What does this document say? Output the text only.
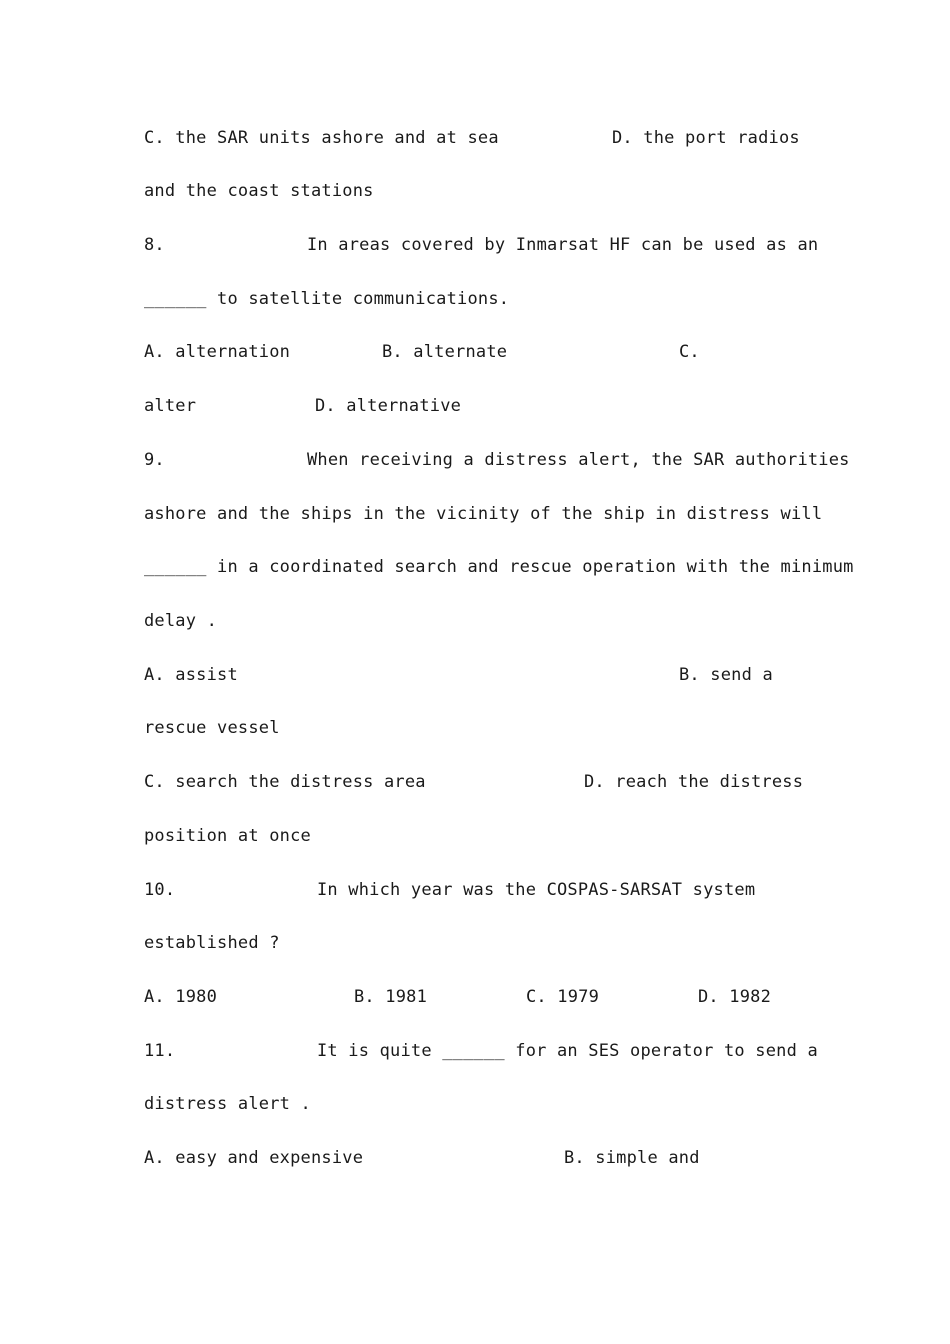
C. the SAR units ashore and at sea	D. the port radios
and the coast stations
8.	In areas covered by Inmarsat HF can be used as an
______ to satellite communications.
A. alternation	B. alternate	C.
alter	D. alternative
9.	When receiving a distress alert, the SAR authorities
ashore and the ships in the vicinity of the ship in distress will
______ in a coordinated search and rescue operation with the minimum
delay .
A. assist	B. send a
rescue vessel
C. search the distress area	D. reach the distress
position at once
10.	In which year was the COSPAS-SARSAT system
established ?
A. 1980	B. 1981	C. 1979	D. 1982
11.	It is quite ______ for an SES operator to send a
distress alert .
A. easy and expensive	B. simple and
